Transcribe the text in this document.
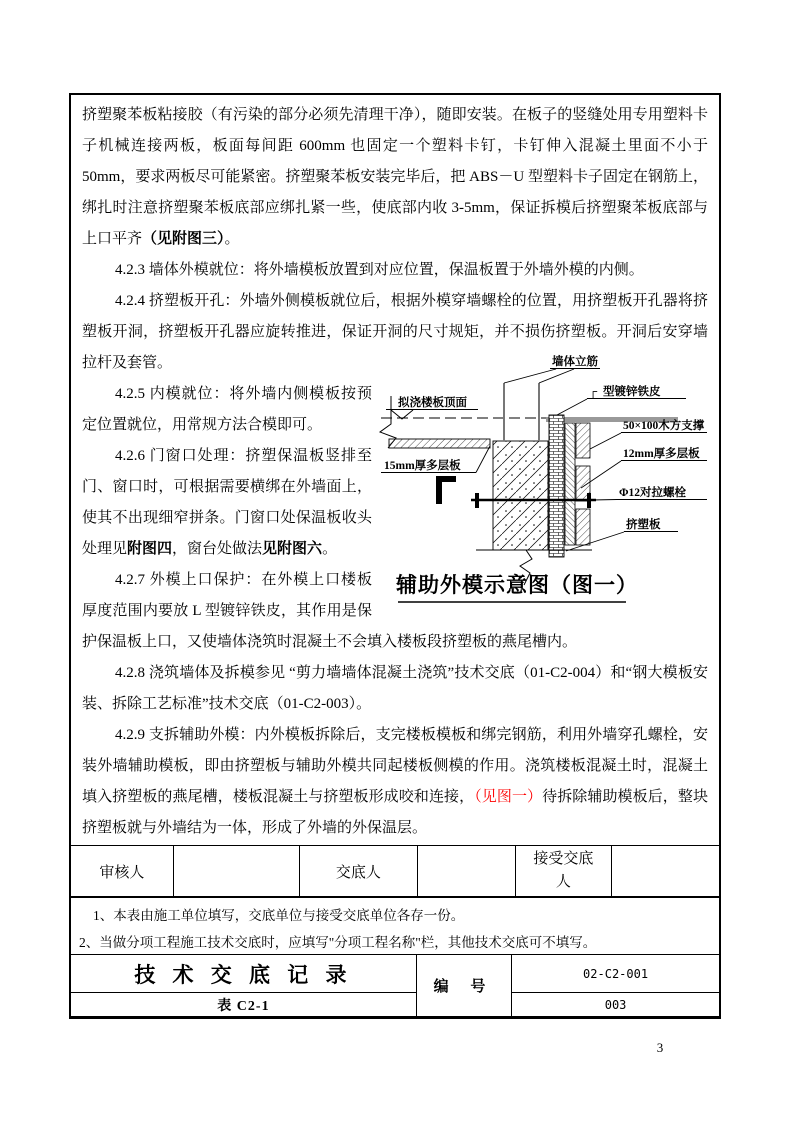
挤塑聚苯板粘接胶（有污染的部分必须先清理干净），随即安装。在板子的竖缝处用专用塑料卡子机械连接两板，板面每间距 600mm 也固定一个塑料卡钉，卡钉伸入混凝土里面不小于 50mm，要求两板尽可能紧密。挤塑聚苯板安装完毕后，把 ABS－U 型塑料卡子固定在钢筋上，绑扎时注意挤塑聚苯板底部应绑扎紧一些，使底部内收 3-5mm，保证拆模后挤塑聚苯板底部与上口平齐（见附图三）。

4.2.3 墙体外模就位：将外墙模板放置到对应位置，保温板置于外墙外模的内侧。

4.2.4 挤塑板开孔：外墙外侧模板就位后，根据外模穿墙螺栓的位置，用挤塑板开孔器将挤塑板开洞，挤塑板开孔器应旋转推进，保证开洞的尺寸规矩，并不损伤挤塑板。开洞后安穿墙拉杆及套管。	墙体立筋
拟浇楼板顶面
┌ 型镀锌铁皮
50×100木方支撑
12mm厚多层板
15mm厚多层板
Φ12对拉螺栓
挤塑板
辅助外模示意图（图一）
4.2.5 内模就位：将外墙内侧模板按预定位置就位，用常规方法合模即可。

4.2.6 门窗口处理：挤塑保温板竖排至门、窗口时，可根据需要横绑在外墙面上，使其不出现细窄拼条。门窗口处保温板收头处理见附图四，窗台处做法见附图六。

4.2.7 外模上口保护：在外模上口楼板厚度范围内要放 L 型镀锌铁皮，其作用是保护保温板上口，又使墙体浇筑时混凝土不会填入楼板段挤塑板的燕尾槽内。

4.2.8 浇筑墙体及拆模参见 “剪力墙墙体混凝土浇筑”技术交底（01-C2-004）和“钢大模板安装、拆除工艺标准”技术交底（01-C2-003）。

4.2.9 支拆辅助外模：内外模板拆除后，支完楼板模板和绑完钢筋，利用外墙穿孔螺栓，安装外墙辅助模板，即由挤塑板与辅助外模共同起楼板侧模的作用。浇筑楼板混凝土时，混凝土填入挤塑板的燕尾槽，楼板混凝土与挤塑板形成咬和连接，（见图一）待拆除辅助模板后，整块挤塑板就与外墙结为一体，形成了外墙的外保温层。

审核人		交底人		接受交底人	
1、本表由施工单位填写，交底单位与接受交底单位各存一份。
2、当做分项工程施工技术交底时，应填写"分项工程名称"栏，其他技术交底可不填写。
技 术 交 底 记 录	编 号	02-C2-001
表 C2-1		003
3
